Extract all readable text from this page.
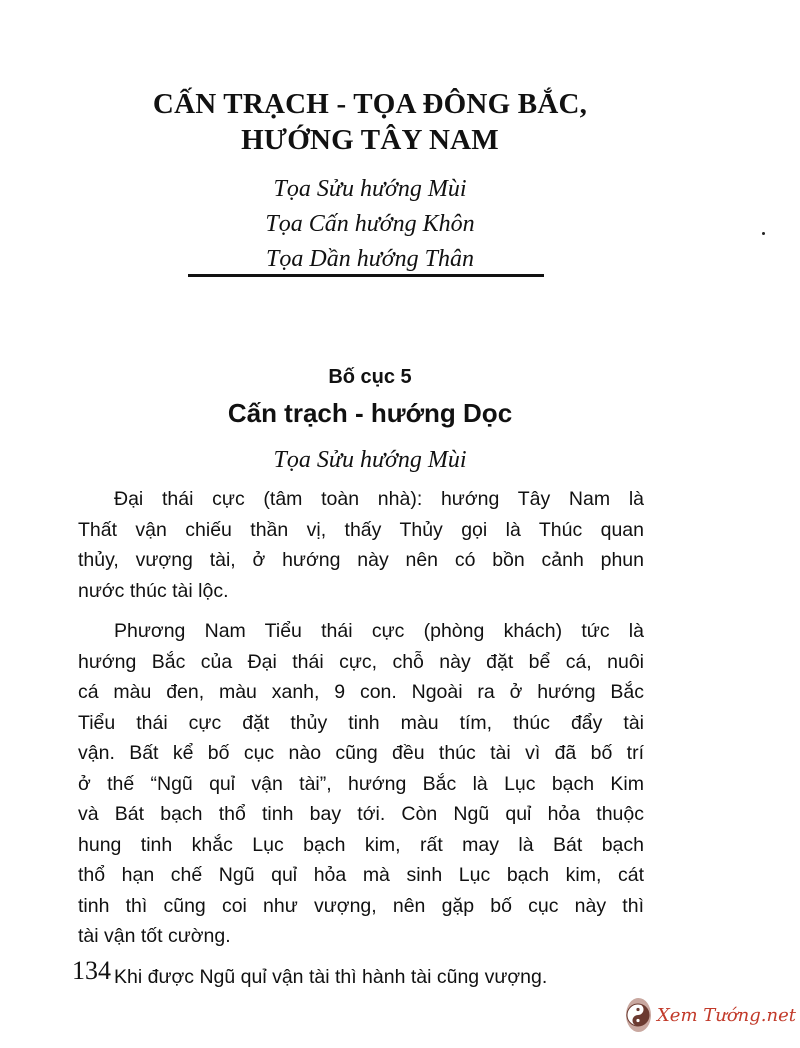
CẤN TRẠCH - TỌA ĐÔNG BẮC,
HƯỚNG TÂY NAM
Tọa Sửu hướng Mùi
Tọa Cấn hướng Khôn
Tọa Dần hướng Thân
Bố cục 5
Cấn trạch - hướng Dọc
Tọa Sửu hướng Mùi

Đại thái cực (tâm toàn nhà): hướng Tây Nam là
Thất vận chiếu thần vị, thấy Thủy gọi là Thúc quan
thủy, vượng tài, ở hướng này nên có bồn cảnh phun
nước thúc tài lộc.

Phương Nam Tiểu thái cực (phòng khách) tức là
hướng Bắc của Đại thái cực, chỗ này đặt bể cá, nuôi
cá màu đen, màu xanh, 9 con. Ngoài ra ở hướng Bắc
Tiểu thái cực đặt thủy tinh màu tím, thúc đẩy tài
vận. Bất kể bố cục nào cũng đều thúc tài vì đã bố trí
ở thế “Ngũ quỉ vận tài”, hướng Bắc là Lục bạch Kim
và Bát bạch thổ tinh bay tới. Còn Ngũ quỉ hỏa thuộc
hung tinh khắc Lục bạch kim, rất may là Bát bạch
thổ hạn chế Ngũ quỉ hỏa mà sinh Lục bạch kim, cát
tinh thì cũng coi như vượng, nên gặp bố cục này thì
tài vận tốt cường.

Khi được Ngũ quỉ vận tài thì hành tài cũng vượng.

134
Xem Tướng.net
